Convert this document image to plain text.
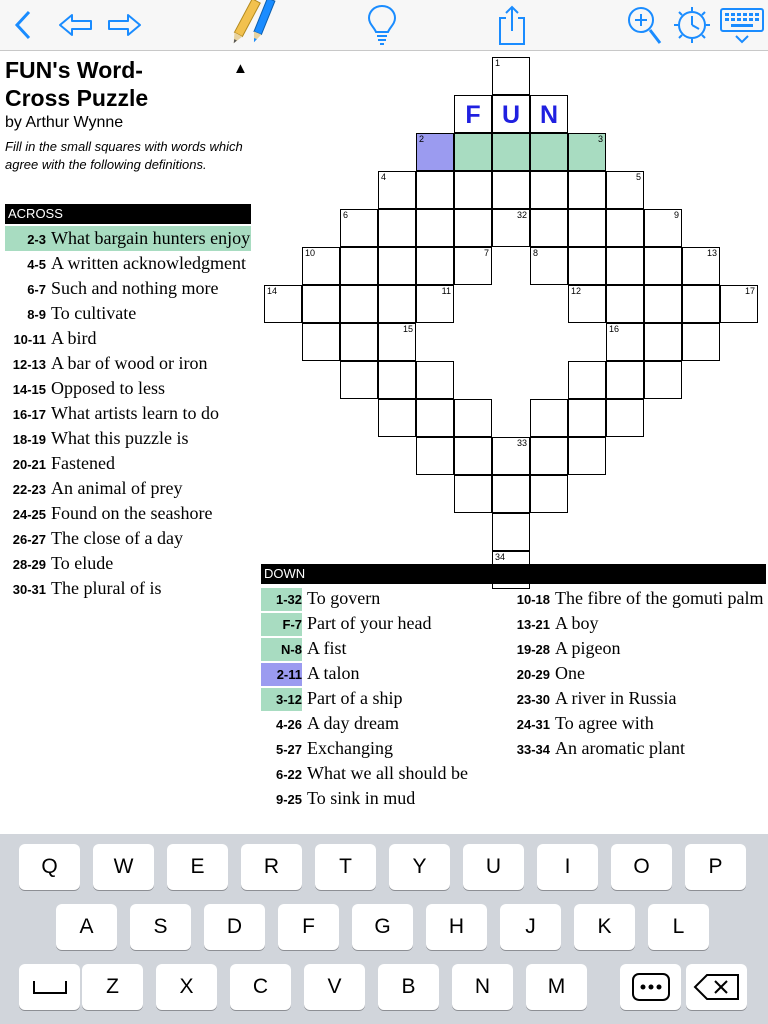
FUN's Word-Cross Puzzle
by Arthur Wynne
Fill in the small squares with words which agree with the following definitions.
▲
ACROSS
2-3 What bargain hunters enjoy
4-5 A written acknowledgment
6-7 Such and nothing more
8-9 To cultivate
10-11 A bird
12-13 A bar of wood or iron
14-15 Opposed to less
16-17 What artists learn to do
18-19 What this puzzle is
20-21 Fastened
22-23 An animal of prey
24-25 Found on the seashore
26-27 The close of a day
28-29 To elude
30-31 The plural of is
1
F U N
2	3
4	5
6	32	9
10	7	8	13
14	11	12	17
15	16
33
34
DOWN
1-32 To govern
F-7 Part of your head
N-8 A fist
2-11 A talon
3-12 Part of a ship
4-26 A day dream
5-27 Exchanging
6-22 What we all should be
9-25 To sink in mud
10-18 The fibre of the gomuti palm
13-21 A boy
19-28 A pigeon
20-29 One
23-30 A river in Russia
24-31 To agree with
33-34 An aromatic plant
Q	W	E	R	T	Y	U	I	O	P
A	S	D	F	G	H	J	K	L
Z	X	C	V	B	N	M
